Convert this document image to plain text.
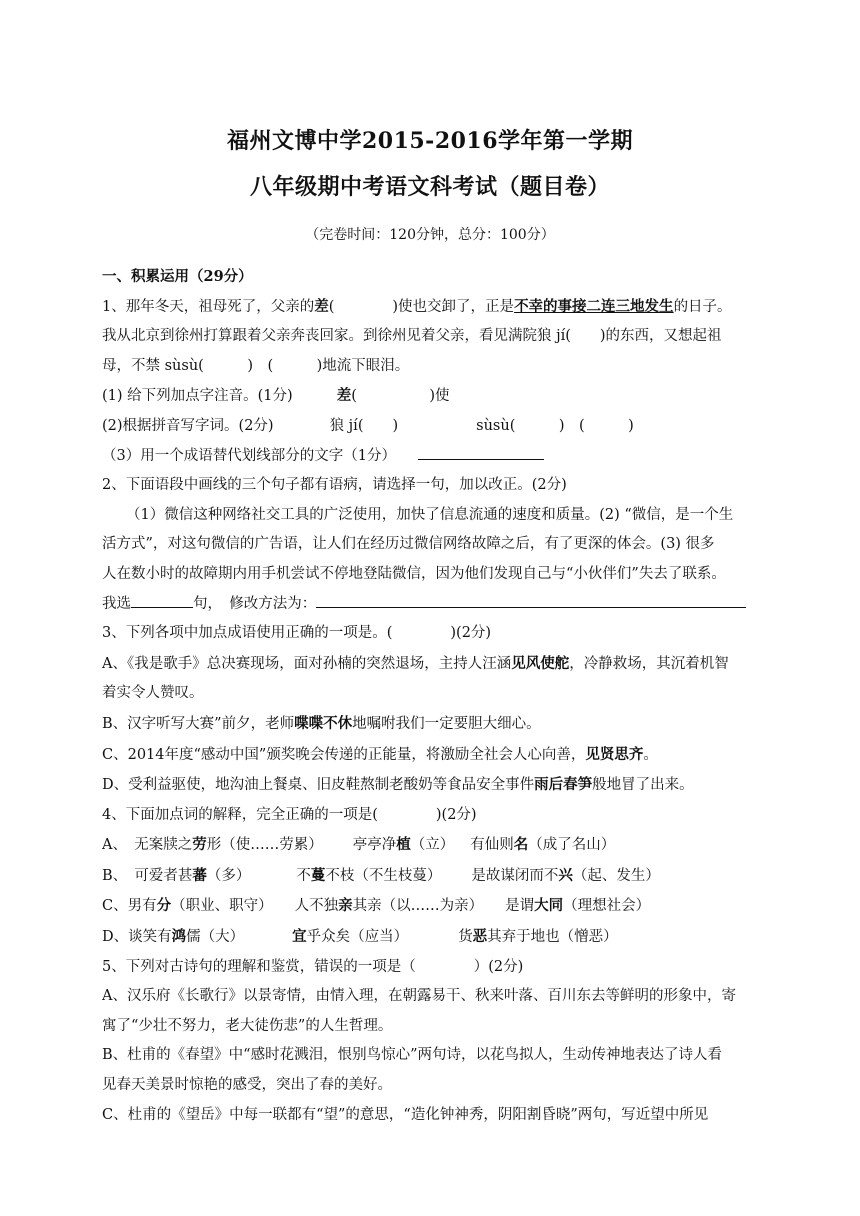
福州文博中学2015-2016学年第一学期
八年级期中考语文科考试（题目卷）
（完卷时间：120分钟，总分：100分）
一、积累运用（29分）
1、那年冬天，祖母死了，父亲的差(　　　　)使也交卸了，正是不幸的事接二连三地发生的日子。
我从北京到徐州打算跟着父亲奔丧回家。到徐州见着父亲，看见满院狼 jí(　　)的东西，又想起祖
母，不禁 sùsù(　　　)　(　　　)地流下眼泪。
(1) 给下列加点字注音。(1分)	差(　　　　　)使
(2)根据拼音写字词。(2分)	狼 jí(　　)	sùsù(　　　)　(　　　)
（3）用一个成语替代划线部分的文字（1分）
2、下面语段中画线的三个句子都有语病，请选择一句，加以改正。(2分)
（1）微信这种网络社交工具的广泛使用，加快了信息流通的速度和质量。(2) “微信，是一个生
活方式”，对这句微信的广告语，让人们在经历过微信网络故障之后，有了更深的体会。(3) 很多
人在数小时的故障期内用手机尝试不停地登陆微信，因为他们发现自己与“小伙伴们”失去了联系。
我选	句，　修改方法为：
3、下列各项中加点成语使用正确的一项是。(　　　　)(2分)
A、《我是歌手》总决赛现场，面对孙楠的突然退场，主持人汪涵见风使舵，冷静救场，其沉着机智
着实令人赞叹。
B、汉字听写大赛”前夕，老师喋喋不休地嘱咐我们一定要胆大细心。
C、2014年度“感动中国”颁奖晚会传递的正能量，将激励全社会人心向善，见贤思齐。
D、受利益驱使，地沟油上餐桌、旧皮鞋熬制老酸奶等食品安全事件雨后春笋般地冒了出来。
4、下面加点词的解释，完全正确的一项是(　　　　)(2分)
A、　无案牍之劳形（使……劳累） 亭亭净植（立） 有仙则名（成了名山）
B、　可爱者甚蕃（多）	不蔓不枝（不生枝蔓） 是故谋闭而不兴（起、发生）
C、男有分（职业、职守） 人不独亲其亲（以……为亲） 是谓大同（理想社会）
D、谈笑有鸿儒（大）	宜乎众矣（应当）	货恶其弃于地也（憎恶）
5、下列对古诗句的理解和鉴赏，错误的一项是（　　　　）(2分)
A、汉乐府《长歌行》以景寄情，由情入理，在朝露易干、秋来叶落、百川东去等鲜明的形象中，寄
寓了“少壮不努力，老大徒伤悲”的人生哲理。
B、杜甫的《春望》中“感时花溅泪，恨别鸟惊心”两句诗，以花鸟拟人，生动传神地表达了诗人看
见春天美景时惊艳的感受，突出了春的美好。
C、杜甫的《望岳》中每一联都有“望”的意思，“造化钟神秀，阴阳割昏晓”两句，写近望中所见
